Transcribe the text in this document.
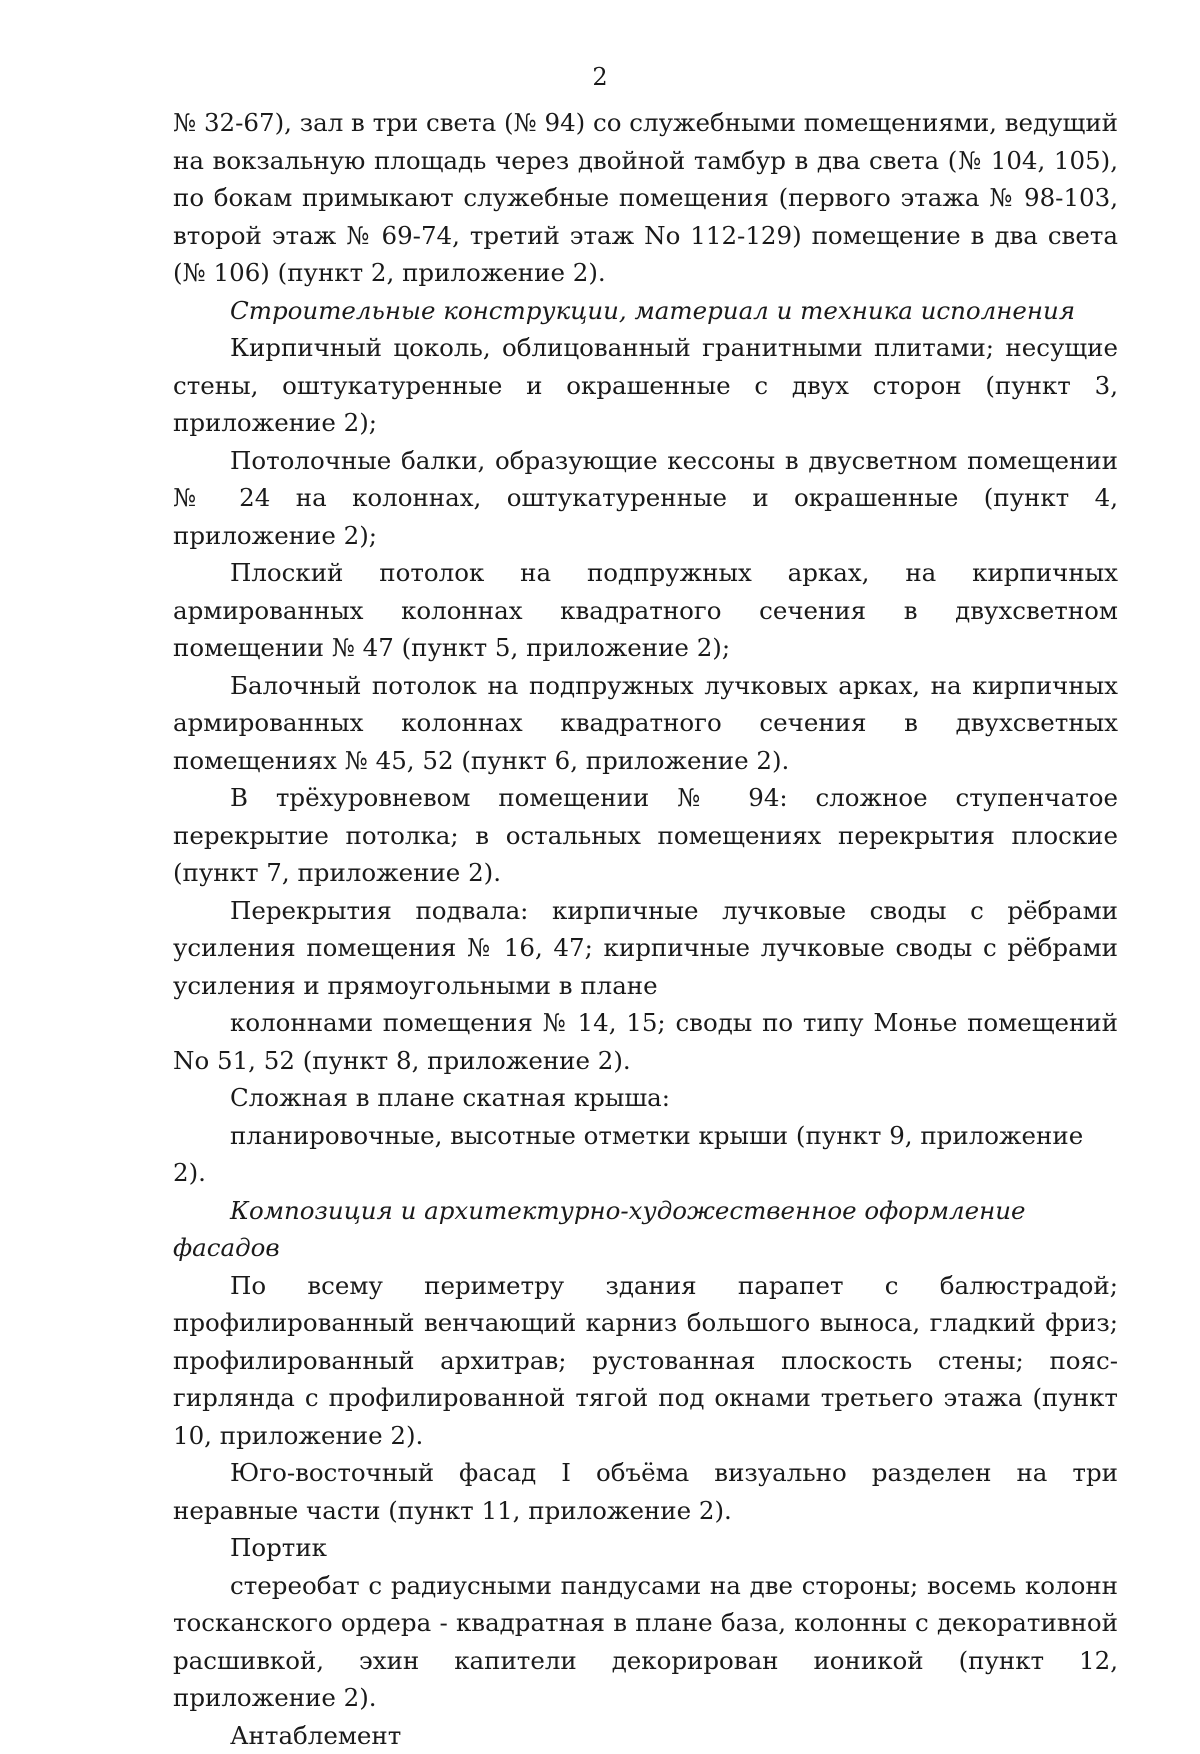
2

№ 32-67), зал в три света (№ 94) со служебными помещениями, ведущий на вокзальную площадь через двойной тамбур в два света (№ 104, 105), по бокам примыкают служебные помещения (первого этажа № 98-103, второй этаж № 69-74, третий этаж No 112-129) помещение в два света (№ 106) (пункт 2, приложение 2).

Строительные конструкции, материал и техника исполнения

Кирпичный цоколь, облицованный гранитными плитами; несущие стены, оштукатуренные и окрашенные с двух сторон (пункт 3, приложение 2);

Потолочные балки, образующие кессоны в двусветном помещении № 24 на колоннах, оштукатуренные и окрашенные (пункт 4, приложение 2);

Плоский потолок на подпружных арках, на кирпичных армированных колоннах квадратного сечения в двухсветном помещении № 47 (пункт 5, приложение 2);

Балочный потолок на подпружных лучковых арках, на кирпичных армированных колоннах квадратного сечения в двухсветных помещениях № 45, 52 (пункт 6, приложение 2).

В трёхуровневом помещении № 94: сложное ступенчатое перекрытие потолка; в остальных помещениях перекрытия плоские (пункт 7, приложение 2).

Перекрытия подвала: кирпичные лучковые своды с рёбрами усиления помещения № 16, 47; кирпичные лучковые своды с рёбрами усиления и прямоугольными в плане

колоннами помещения № 14, 15; своды по типу Монье помещений No 51, 52 (пункт 8, приложение 2).

Сложная в плане скатная крыша:

планировочные, высотные отметки крыши (пункт 9, приложение 2).

Композиция и архитектурно-художественное оформление фасадов

По всему периметру здания парапет с балюстрадой; профилированный венчающий карниз большого выноса, гладкий фриз; профилированный архитрав; рустованная плоскость стены; пояс-гирлянда с профилированной тягой под окнами третьего этажа (пункт 10, приложение 2).

Юго-восточный фасад I объёма визуально разделен на три неравные части (пункт 11, приложение 2).

Портик

стереобат с радиусными пандусами на две стороны; восемь колонн тосканского ордера - квадратная в плане база, колонны с декоративной расшивкой, эхин капители декорирован ионикой (пункт 12, приложение 2).

Антаблемент
